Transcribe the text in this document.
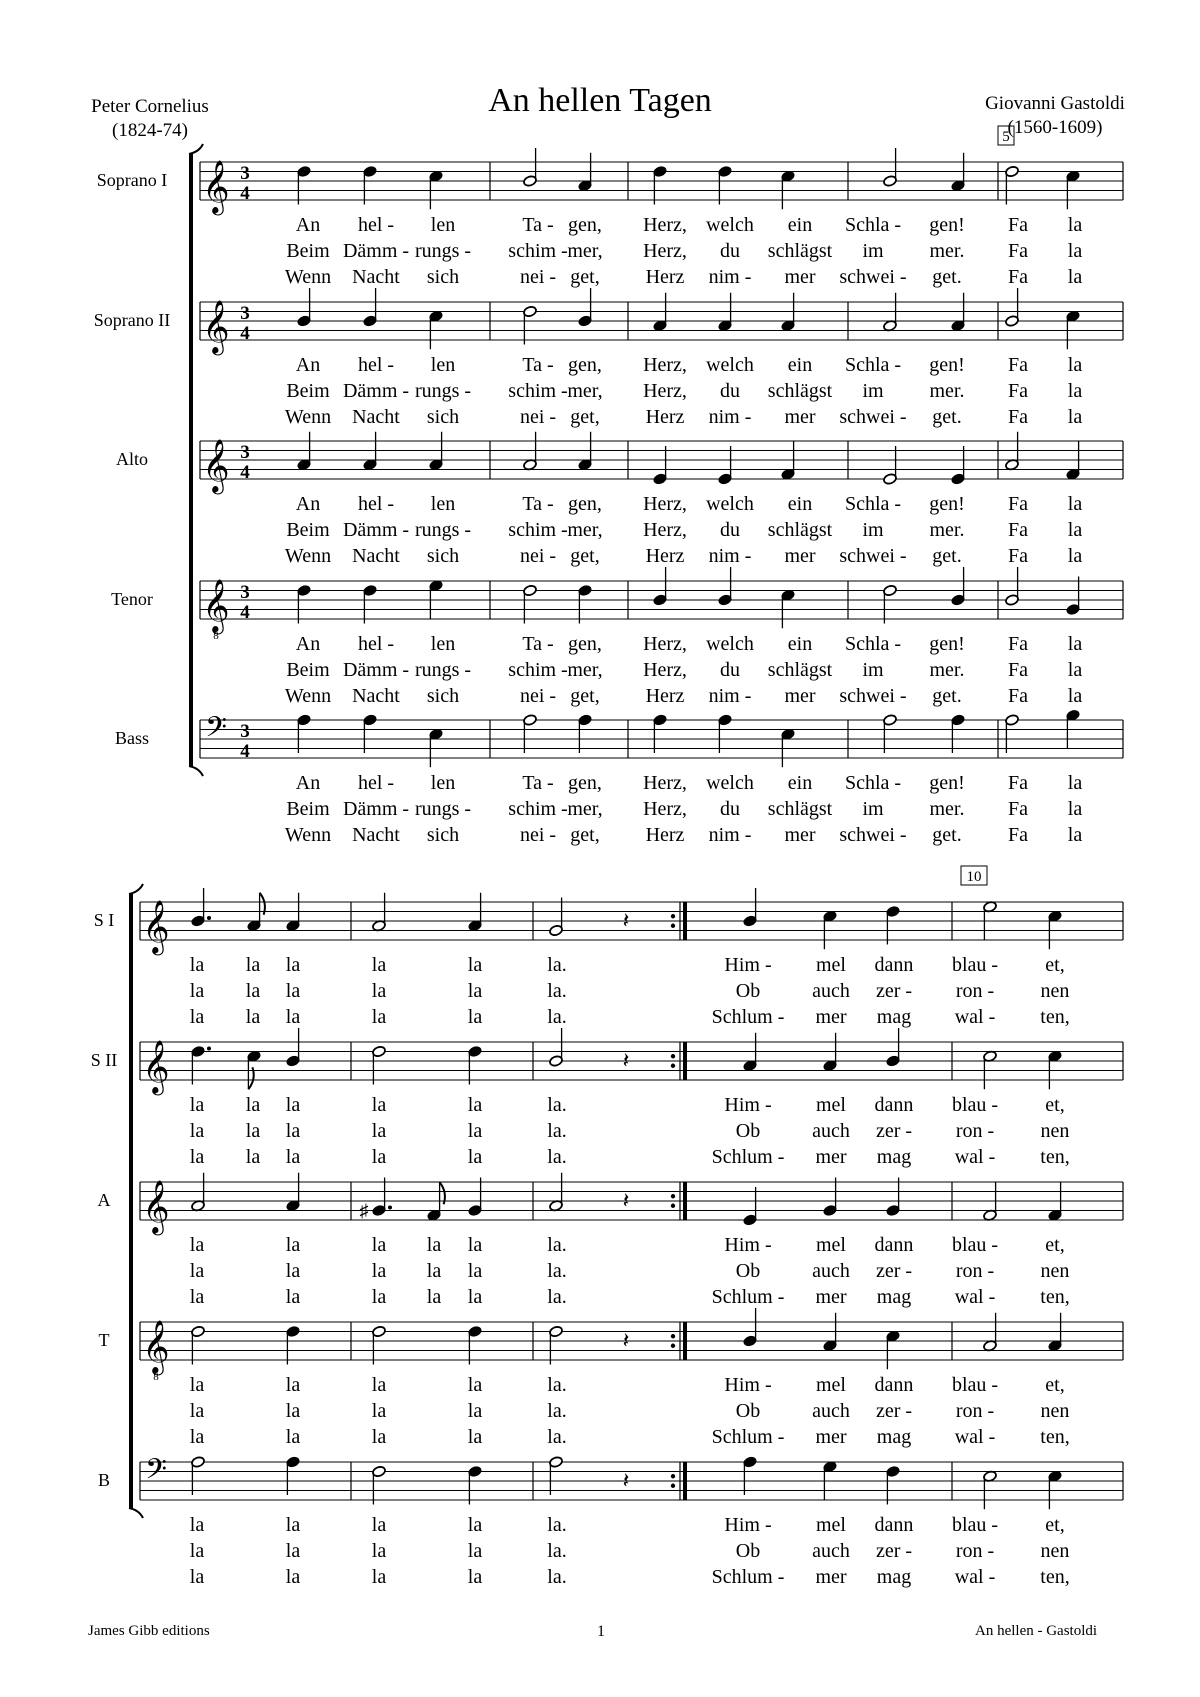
Peter Cornelius
(1824-74)
An hellen Tagen	Giovanni Gastoldi
(1560-1609)
5
𝄞 3
4
Soprano I
An hel - len	Ta - gen, Herz, welch ein Schla - gen! Fa la
Beim Dämm - rungs - schim - mer, Herz, du schlägst im mer. Fa la
Wenn Nacht sich	nei - get, Herz nim - mer schwei - get. Fa la
𝄞 3
4
Soprano II
An hel - len	Ta - gen, Herz, welch ein Schla - gen! Fa la
Beim Dämm - rungs - schim - mer, Herz, du schlägst im mer. Fa la
Wenn Nacht sich	nei - get, Herz nim - mer schwei - get. Fa la
𝄞 3
4
Alto
An hel - len	Ta - gen, Herz, welch ein Schla - gen! Fa la
Beim Dämm - rungs - schim - mer, Herz, du schlägst im mer. Fa la
Wenn Nacht sich	nei - get, Herz nim - mer schwei - get. Fa la
𝄞
8
3
4
Tenor
An hel - len	Ta - gen, Herz, welch ein Schla - gen! Fa la
Beim Dämm - rungs - schim - mer, Herz, du schlägst im mer. Fa la
Wenn Nacht sich	nei - get, Herz nim - mer schwei - get. Fa la
𝄢 3
4
Bass
An hel - len	Ta - gen, Herz, welch ein Schla - gen! Fa la
Beim Dämm - rungs - schim - mer, Herz, du schlägst im mer. Fa la
Wenn Nacht sich	nei - get, Herz nim - mer schwei - get. Fa la
10
𝄞
S I	𝄽
la la la	la	la	la.	Him - mel dann blau - et,
la la la	la	la	la.	Ob	auch zer - ron - nen
la la la	la	la	la.	Schlum - mer mag wal - ten,
𝄞
S II	𝄽
la la la	la	la	la.	Him - mel dann blau - et,
la la la	la	la	la.	Ob	auch zer - ron - nen
la la la	la	la	la.	Schlum - mer mag wal - ten,
𝄞
A
♯	𝄽
la	la	la la la	la.	Him - mel dann blau - et,
la	la	la la la	la.	Ob	auch zer - ron - nen
la	la	la la la	la.	Schlum - mer mag wal - ten,
𝄞
8
T	𝄽
la	la	la	la	la.	Him - mel dann blau - et,
la	la	la	la	la.	Ob	auch zer - ron - nen
la	la	la	la	la.	Schlum - mer mag wal - ten,
𝄢
B	𝄽
la	la	la	la	la.	Him - mel dann blau - et,
la	la	la	la	la.	Ob	auch zer - ron - nen
la	la	la	la	la.	Schlum - mer mag wal - ten,
James Gibb editions	1	An hellen - Gastoldi
